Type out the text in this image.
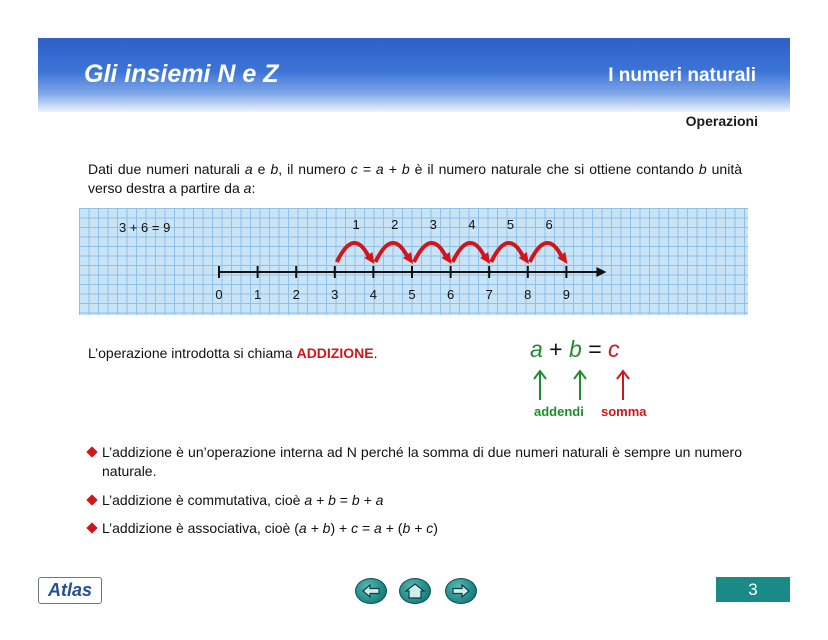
Gli insiemi N e Z	I numeri naturali
Operazioni
Dati due numeri naturali a e b, il numero c = a + b è il numero naturale che si ottiene contando b unità verso destra a partire da a:
3 + 6 = 9
0 1 2 3 4 5 6 7 8 9
1 2 3 4 5 6
L’operazione introdotta si chiama ADDIZIONE.	a + b = c
addendi somma
L’addizione è un’operazione interna ad N perché la somma di due numeri naturali è sempre un numero naturale.
L’addizione è commutativa, cioè a + b = b + a
L’addizione è associativa, cioè (a + b) + c = a + (b + c)
Atlas	3
